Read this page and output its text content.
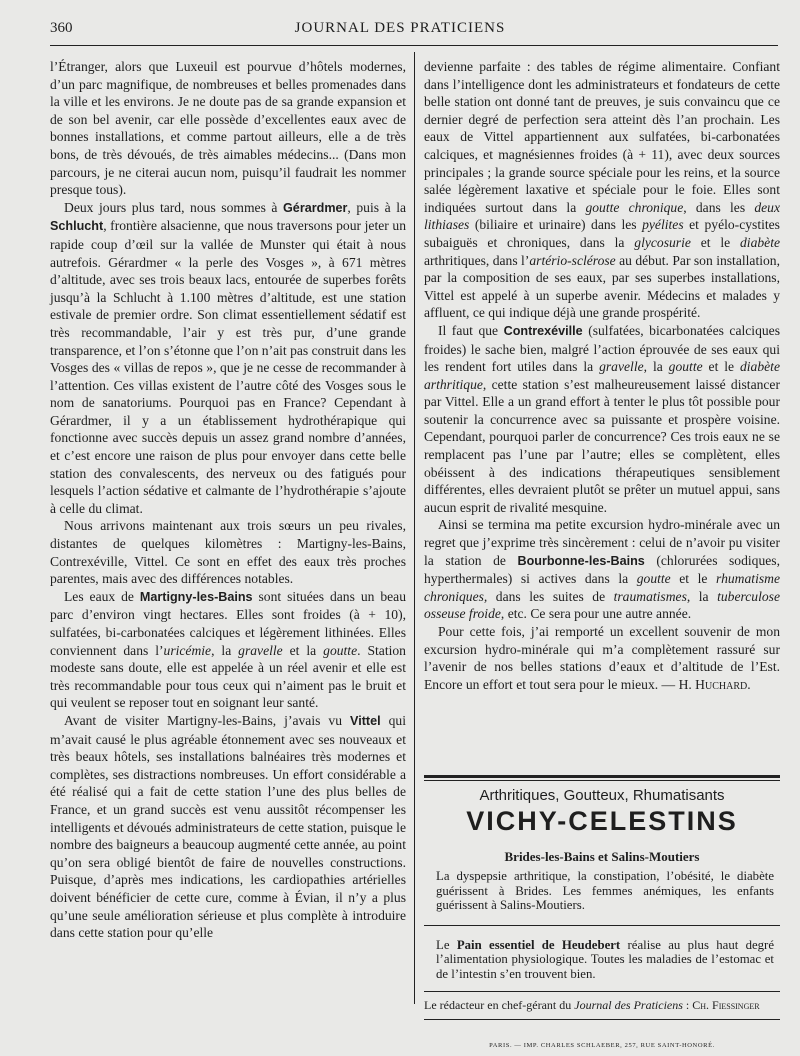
360	JOURNAL DES PRATICIENS

l’Étranger, alors que Luxeuil est pourvue d’hôtels modernes, d’un parc magnifique, de nombreuses et belles promenades dans la ville et les environs. Je ne doute pas de sa grande expansion et de son bel avenir, car elle possède d’excellentes eaux avec de bonnes installations, et comme partout ailleurs, elle a de très bons, de très dévoués, de très aimables médecins... (Dans mon parcours, je ne citerai aucun nom, puisqu’il faudrait les nommer presque tous).

Deux jours plus tard, nous sommes à Gérardmer, puis à la Schlucht, frontière alsacienne, que nous traversons pour jeter un rapide coup d’œil sur la vallée de Munster qui était à nous autrefois. Gérardmer « la perle des Vosges », à 671 mètres d’altitude, avec ses trois beaux lacs, entourée de superbes forêts jusqu’à la Schlucht à 1.100 mètres d’altitude, est une station estivale de premier ordre. Son climat essentiellement sédatif est très recommandable, l’air y est très pur, d’une grande transparence, et l’on s’étonne que l’on n’ait pas construit dans les Vosges des « villas de repos », que je ne cesse de recommander à l’attention. Ces villas existent de l’autre côté des Vosges sous le nom de sanatoriums. Pourquoi pas en France? Cependant à Gérardmer, il y a un établissement hydrothérapique qui fonctionne avec succès depuis un assez grand nombre d’années, et c’est encore une raison de plus pour envoyer dans cette belle station des convalescents, des nerveux ou des fatigués pour lesquels l’action sédative et calmante de l’hydrothérapie s’ajoute à celle du climat.

Nous arrivons maintenant aux trois sœurs un peu rivales, distantes de quelques kilomètres : Martigny-les-Bains, Contrexéville, Vittel. Ce sont en effet des eaux très proches parentes, mais avec des différences notables.

Les eaux de Martigny-les-Bains sont situées dans un beau parc d’environ vingt hectares. Elles sont froides (à + 10), sulfatées, bi-carbonatées calciques et légèrement lithinées. Elles conviennent dans l’uricémie, la gravelle et la goutte. Station modeste sans doute, elle est appelée à un réel avenir et elle est très recommandable pour tous ceux qui n’aiment pas le bruit et qui veulent se reposer tout en soignant leur santé.

Avant de visiter Martigny-les-Bains, j’avais vu Vittel qui m’avait causé le plus agréable étonnement avec ses nouveaux et très beaux hôtels, ses installations balnéaires très modernes et complètes, ses distractions nombreuses. Un effort considérable a été réalisé qui a fait de cette station l’une des plus belles de France, et un grand succès est venu aussitôt récompenser les intelligents et dévoués administrateurs de cette station, puisque le nombre des baigneurs a beaucoup augmenté cette année, au point qu’on sera obligé bientôt de faire de nouvelles constructions. Puisque, d’après mes indications, les cardiopathies artérielles doivent bénéficier de cette cure, comme à Évian, il n’y a plus qu’une seule amélioration sérieuse et plus complète à introduire dans cette station pour qu’elle

devienne parfaite : des tables de régime alimentaire. Confiant dans l’intelligence dont les administrateurs et fondateurs de cette belle station ont donné tant de preuves, je suis convaincu que ce dernier degré de perfection sera atteint dès l’an prochain. Les eaux de Vittel appartiennent aux sulfatées, bi-carbonatées calciques, et magnésiennes froides (à + 11), avec deux sources principales ; la grande source spéciale pour les reins, et la source salée légèrement laxative et spéciale pour le foie. Elles sont indiquées surtout dans la goutte chronique, dans les deux lithiases (biliaire et urinaire) dans les pyélites et pyélo-cystites subaiguës et chroniques, dans la glycosurie et le diabète arthritiques, dans l’artério-sclérose au début. Par son installation, par la composition de ses eaux, par ses superbes installations, Vittel est appelé à un superbe avenir. Médecins et malades y affluent, ce qui indique déjà une grande prospérité.

Il faut que Contrexéville (sulfatées, bicarbonatées calciques froides) le sache bien, malgré l’action éprouvée de ses eaux qui les rendent fort utiles dans la gravelle, la goutte et le diabète arthritique, cette station s’est malheureusement laissé distancer par Vittel. Elle a un grand effort à tenter le plus tôt possible pour soutenir la concurrence avec sa puissante et prospère voisine. Cependant, pourquoi parler de concurrence? Ces trois eaux ne se remplacent pas l’une par l’autre; elles se complètent, elles obéissent à des indications thérapeutiques sensiblement différentes, elles devraient plutôt se prêter un mutuel appui, sans aucun esprit de rivalité mesquine.

Ainsi se termina ma petite excursion hydro-minérale avec un regret que j’exprime très sincèrement : celui de n’avoir pu visiter la station de Bourbonne-les-Bains (chlorurées sodiques, hyperthermales) si actives dans la goutte et le rhumatisme chroniques, dans les suites de traumatismes, la tuberculose osseuse froide, etc. Ce sera pour une autre année.

Pour cette fois, j’ai remporté un excellent souvenir de mon excursion hydro-minérale qui m’a complètement rassuré sur l’avenir de nos belles stations d’eaux et d’altitude de l’Est. Encore un effort et tout sera pour le mieux. — H. Huchard.

Arthritiques, Goutteux, Rhumatisants
VICHY-CELESTINS
Brides-les-Bains et Salins-Moutiers
La dyspepsie arthritique, la constipation, l’obésité, le diabète guérissent à Brides. Les femmes anémiques, les enfants guérissent à Salins-Moutiers.
Le Pain essentiel de Heudebert réalise au plus haut degré l’alimentation physiologique. Toutes les maladies de l’estomac et de l’intestin s’en trouvent bien.
Le rédacteur en chef-gérant du Journal des Praticiens : Ch. Fiessinger
PARIS. — IMP. CHARLES SCHLAEBER, 257, RUE SAINT-HONORÉ.
